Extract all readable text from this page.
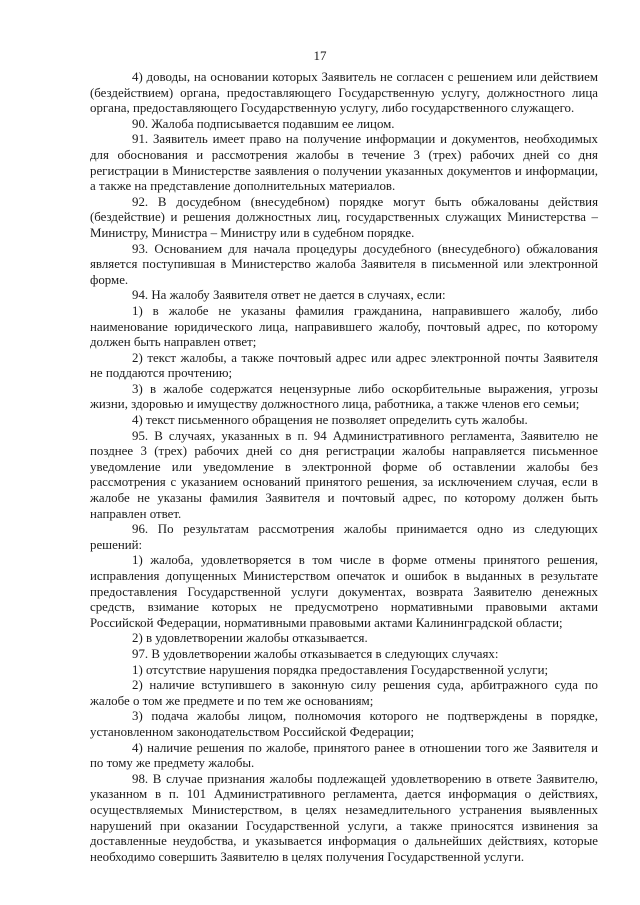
17

4) доводы, на основании которых Заявитель не согласен с решением или действием (бездействием) органа, предоставляющего Государственную услугу, должностного лица органа, предоставляющего Государственную услугу, либо государственного служащего.

90. Жалоба подписывается подавшим ее лицом.

91. Заявитель имеет право на получение информации и документов, необходимых для обоснования и рассмотрения жалобы в течение 3 (трех) рабочих дней со дня регистрации в Министерстве заявления о получении указанных документов и информации, а также на представление дополнительных материалов.

92. В досудебном (внесудебном) порядке могут быть обжалованы действия (бездействие) и решения должностных лиц, государственных служащих Министерства – Министру, Министра – Министру или в судебном порядке.

93. Основанием для начала процедуры досудебного (внесудебного) обжалования является поступившая в Министерство жалоба Заявителя в письменной или электронной форме.

94. На жалобу Заявителя ответ не дается в случаях, если:

1) в жалобе не указаны фамилия гражданина, направившего жалобу, либо наименование юридического лица, направившего жалобу, почтовый адрес, по которому должен быть направлен ответ;

2) текст жалобы, а также почтовый адрес или адрес электронной почты Заявителя не поддаются прочтению;

3) в жалобе содержатся нецензурные либо оскорбительные выражения, угрозы жизни, здоровью и имуществу должностного лица, работника, а также членов его семьи;

4) текст письменного обращения не позволяет определить суть жалобы.

95. В случаях, указанных в п. 94 Административного регламента, Заявителю не позднее 3 (трех) рабочих дней со дня регистрации жалобы направляется письменное уведомление или уведомление в электронной форме об оставлении жалобы без рассмотрения с указанием оснований принятого решения, за исключением случая, если в жалобе не указаны фамилия Заявителя и почтовый адрес, по которому должен быть направлен ответ.

96. По результатам рассмотрения жалобы принимается одно из следующих решений:

1) жалоба, удовлетворяется в том числе в форме отмены принятого решения, исправления допущенных Министерством опечаток и ошибок в выданных в результате предоставления Государственной услуги документах, возврата Заявителю денежных средств, взимание которых не предусмотрено нормативными правовыми актами Российской Федерации, нормативными правовыми актами Калининградской области;

2) в удовлетворении жалобы отказывается.

97. В удовлетворении жалобы отказывается в следующих случаях:

1) отсутствие нарушения порядка предоставления Государственной услуги;

2) наличие вступившего в законную силу решения суда, арбитражного суда по жалобе о том же предмете и по тем же основаниям;

3) подача жалобы лицом, полномочия которого не подтверждены в порядке, установленном законодательством Российской Федерации;

4) наличие решения по жалобе, принятого ранее в отношении того же Заявителя и по тому же предмету жалобы.

98. В случае признания жалобы подлежащей удовлетворению в ответе Заявителю, указанном в п. 101 Административного регламента, дается информация о действиях, осуществляемых Министерством, в целях незамедлительного устранения выявленных нарушений при оказании Государственной услуги, а также приносятся извинения за доставленные неудобства, и указывается информация о дальнейших действиях, которые необходимо совершить Заявителю в целях получения Государственной услуги.
